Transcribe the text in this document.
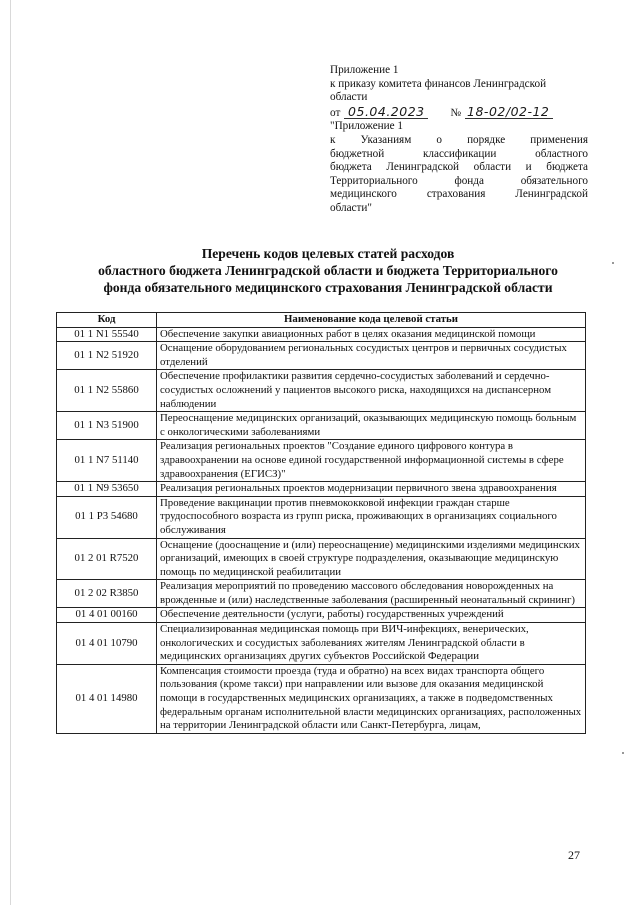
Приложение 1
к приказу комитета финансов Ленинградской
области
от 05.04.2023	№ 18-02/02-12
"Приложение 1
к Указаниям о порядке применения
бюджетной классификации областного
бюджета Ленинградской области и бюджета
Территориального фонда обязательного
медицинского страхования Ленинградской
области"
Перечень кодов целевых статей расходов
областного бюджета Ленинградской области и бюджета Территориального
фонда обязательного медицинского страхования Ленинградской области
Код	Наименование кода целевой статьи
01 1 N1 55540	Обеспечение закупки авиационных работ в целях оказания медицинской помощи
01 1 N2 51920	Оснащение оборудованием региональных сосудистых центров и первичных сосудистых отделений
01 1 N2 55860	Обеспечение профилактики развития сердечно-сосудистых заболеваний и сердечно-сосудистых осложнений у пациентов высокого риска, находящихся на диспансерном наблюдении
01 1 N3 51900	Переоснащение медицинских организаций, оказывающих медицинскую помощь больным с онкологическими заболеваниями
01 1 N7 51140	Реализация региональных проектов "Создание единого цифрового контура в здравоохранении на основе единой государственной информационной системы в сфере здравоохранения (ЕГИСЗ)"
01 1 N9 53650	Реализация региональных проектов модернизации первичного звена здравоохранения
01 1 P3 54680	Проведение вакцинации против пневмококковой инфекции граждан старше трудоспособного возраста из групп риска, проживающих в организациях социального обслуживания
01 2 01 R7520	Оснащение (дооснащение и (или) переоснащение) медицинскими изделиями медицинских организаций, имеющих в своей структуре подразделения, оказывающие медицинскую помощь по медицинской реабилитации
01 2 02 R3850	Реализация мероприятий по проведению массового обследования новорожденных на врожденные и (или) наследственные заболевания (расширенный неонатальный скрининг)
01 4 01 00160	Обеспечение деятельности (услуги, работы) государственных учреждений
01 4 01 10790	Специализированная медицинская помощь при ВИЧ-инфекциях, венерических, онкологических и сосудистых заболеваниях жителям Ленинградской области в медицинских организациях других субъектов Российской Федерации
01 4 01 14980	Компенсация стоимости проезда (туда и обратно) на всех видах транспорта общего пользования (кроме такси) при направлении или вызове для оказания медицинской помощи в государственных медицинских организациях, а также в подведомственных федеральным органам исполнительной власти медицинских организациях, расположенных на территории Ленинградской области или Санкт-Петербурга, лицам,
27
